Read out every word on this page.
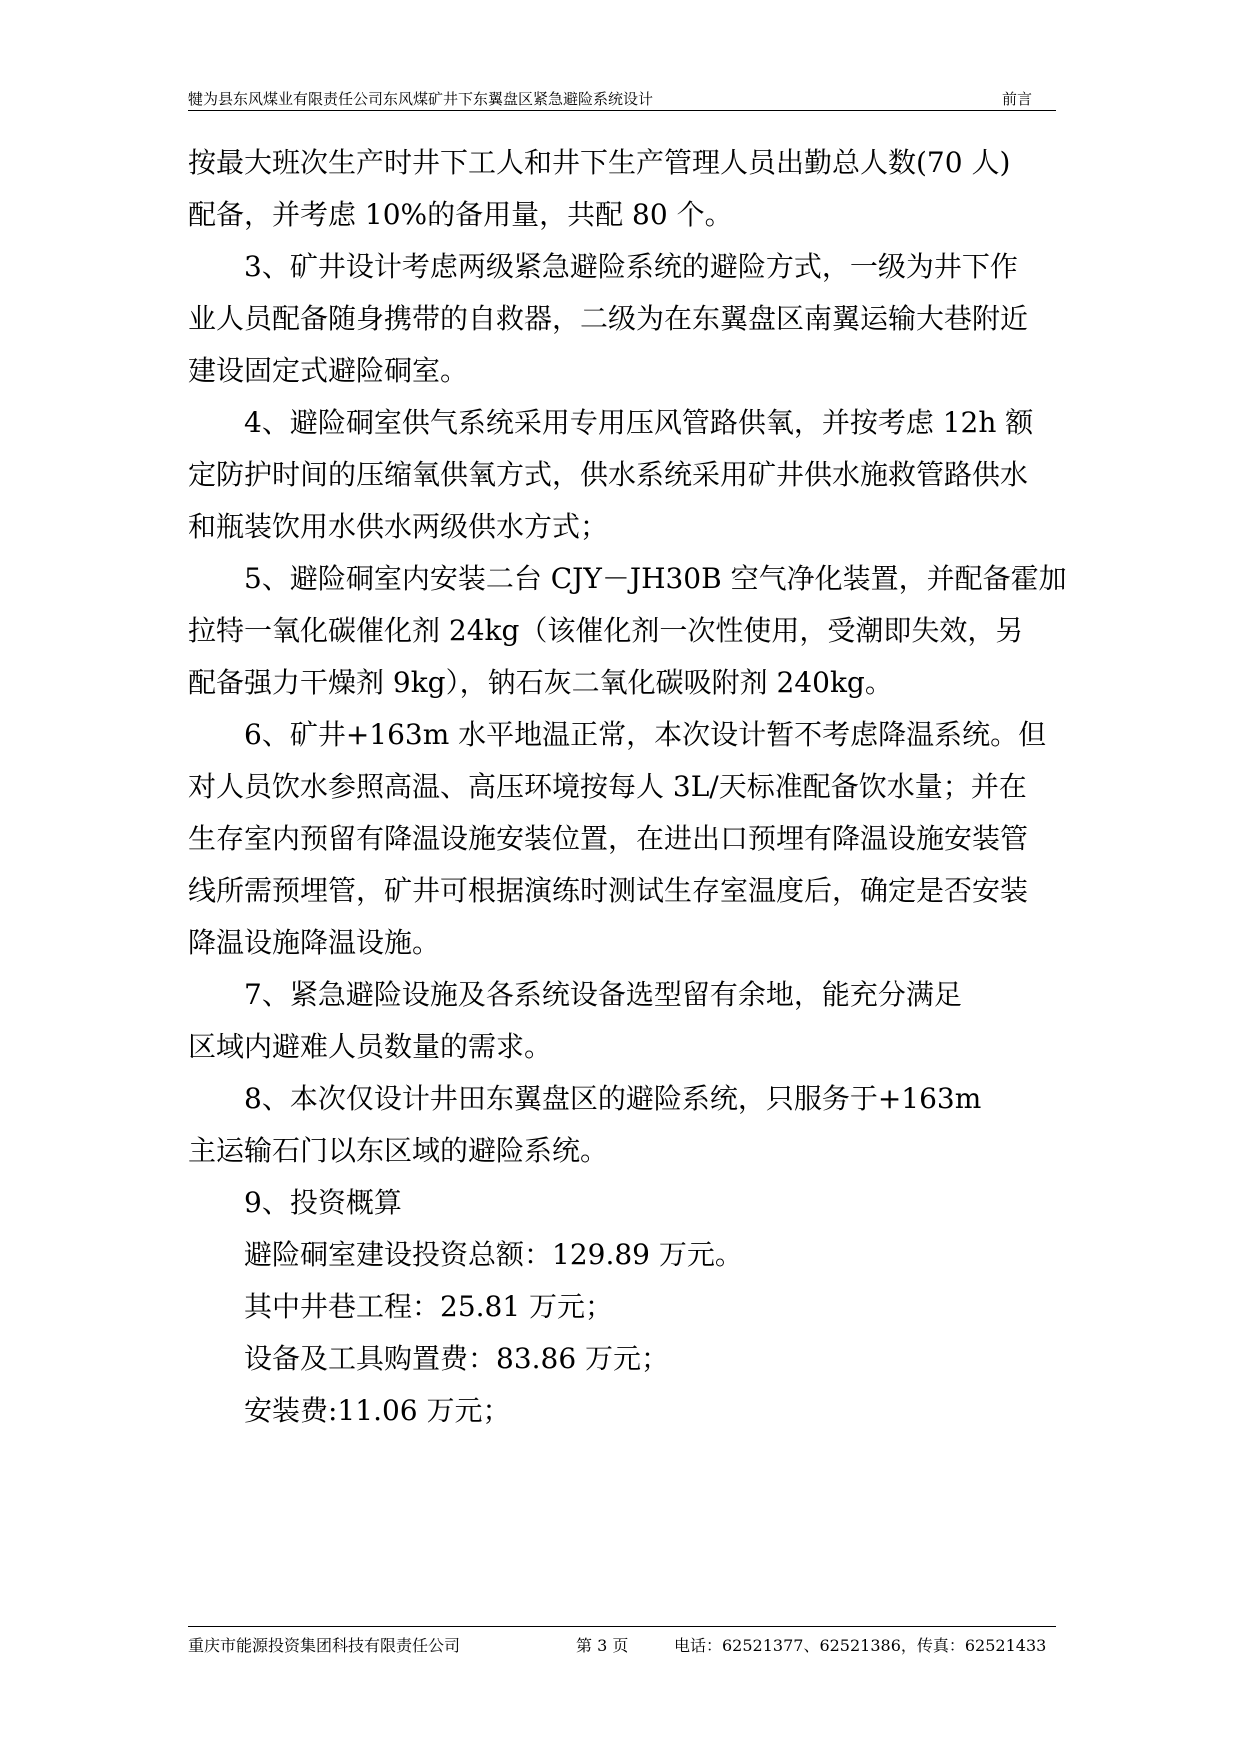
犍为县东风煤业有限责任公司东风煤矿井下东翼盘区紧急避险系统设计	前言
按最大班次生产时井下工人和井下生产管理人员出勤总人数(70 人)
配备，并考虑 10%的备用量，共配 80 个。
3、矿井设计考虑两级紧急避险系统的避险方式，一级为井下作
业人员配备随身携带的自救器，二级为在东翼盘区南翼运输大巷附近
建设固定式避险硐室。
4、避险硐室供气系统采用专用压风管路供氧，并按考虑 12h 额
定防护时间的压缩氧供氧方式，供水系统采用矿井供水施救管路供水
和瓶装饮用水供水两级供水方式；
5、避险硐室内安装二台 CJY－JH30B 空气净化装置，并配备霍加
拉特一氧化碳催化剂 24kg（该催化剂一次性使用，受潮即失效，另
配备强力干燥剂 9kg），钠石灰二氧化碳吸附剂 240kg。
6、矿井+163m 水平地温正常，本次设计暂不考虑降温系统。但
对人员饮水参照高温、高压环境按每人 3L/天标准配备饮水量；并在
生存室内预留有降温设施安装位置，在进出口预埋有降温设施安装管
线所需预埋管，矿井可根据演练时测试生存室温度后，确定是否安装
降温设施降温设施。
7、紧急避险设施及各系统设备选型留有余地，能充分满足
区域内避难人员数量的需求。
8、本次仅设计井田东翼盘区的避险系统，只服务于+163m
主运输石门以东区域的避险系统。
9、投资概算
避险硐室建设投资总额：129.89 万元。
其中井巷工程：25.81 万元；
设备及工具购置费：83.86 万元；
安装费:11.06 万元；
重庆市能源投资集团科技有限责任公司	第 3 页	电话：62521377、62521386，传真：62521433
